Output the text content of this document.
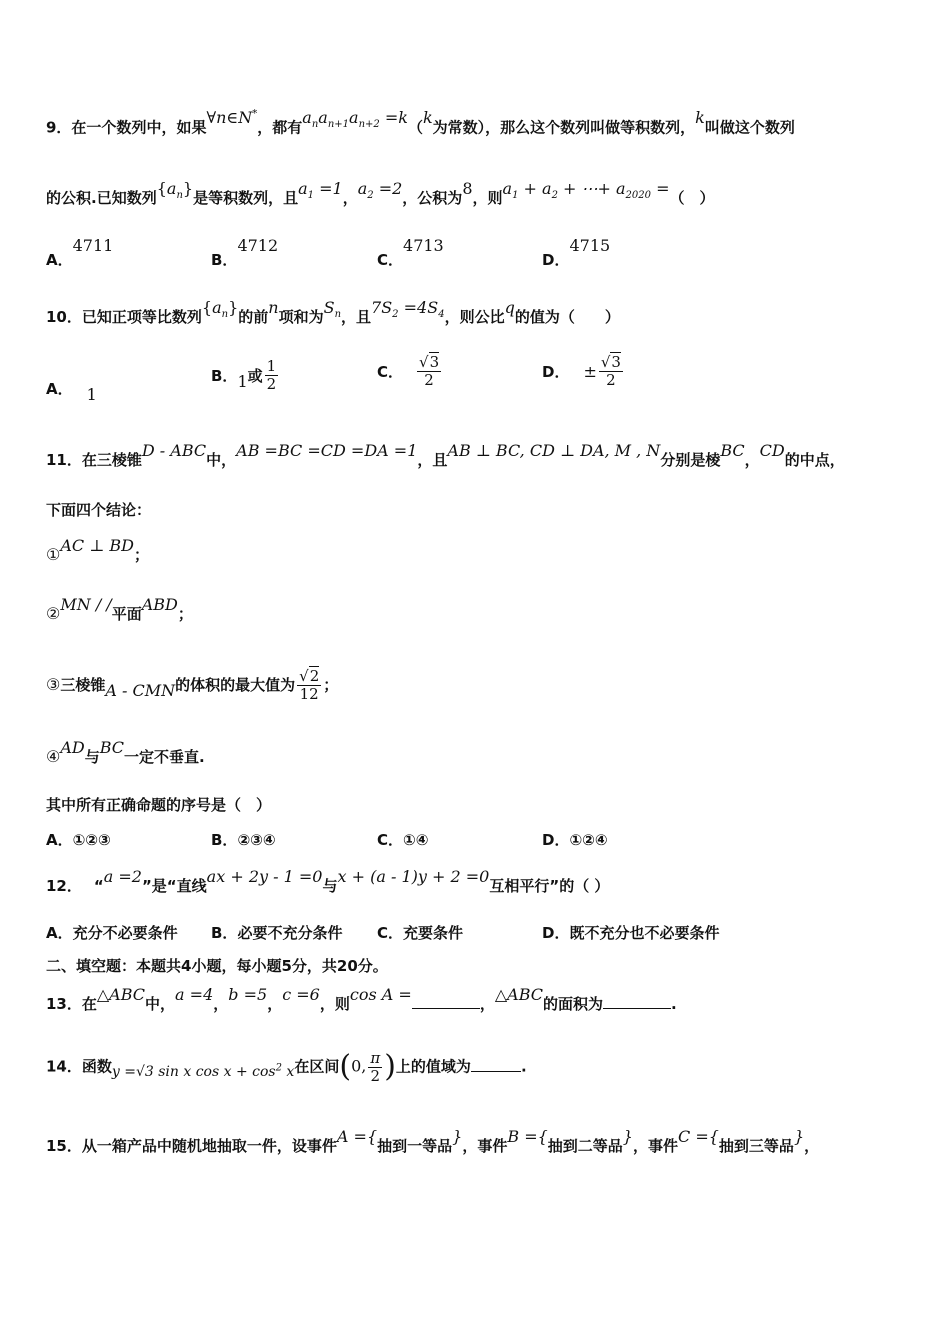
9．在一个数列中，如果∀n∈N*，都有$a_na_{n+1}a_{n+2} =k(k$为常数），那么这个数列叫做等积数列，k叫做这个数列
的公积.已知数列$\{a_n\}$是等积数列，且$a_1 =1$，$a_2 =2$，公积为8，则$a_1 + a_2$ + ⋯+ $a_{2020}$ =（　）
A．4711
B．4712
C．4713
D．4715
10．已知正项等比数列$\{a_n\}$的前n项和为$S_n$，且$7S_2 =4S_4$，则公比q的值为（　　）
A． 1
B．1或 $\frac{1}{2}$	C． $\frac{√3}{2}$	D． ± $\frac{√3}{2}$
11．在三棱锥D - ABC中，AB =BC =CD =DA =1，且AB ⊥ BC, CD ⊥ DA, M , N分别是棱BC，CD的中点，
下面四个结论：
①AC ⊥ BD；
②MN / /平面ABD；
③三棱锥A - CMN的体积的最大值为 $\frac{√2}{12}$ ；
④AD与BC一定不垂直.
其中所有正确命题的序号是（　）
A．①②③	B．②③④	C．①④	D．①②④
12． “a =2”是“直线ax + 2y - 1 =0与x + (a - 1)y + 2 =0互相平行”的（ ）
A．充分不必要条件 B．必要不充分条件 C．充要条件	D．既不充分也不必要条件
二、填空题：本题共4小题，每小题5分，共20分。
13．在△ABC中，a =4，b =5，c =6，则cos A =	，△ABC的面积为	.
14．函数y =√3 sin x $\cos x + \cos^2 x$在区间(0, $\frac{\pi}{2}$ )上的值域为	.
15．从一箱产品中随机地抽取一件，设事件A ={抽到一等品}，事件B ={抽到二等品}，事件C ={抽到三等品}，
